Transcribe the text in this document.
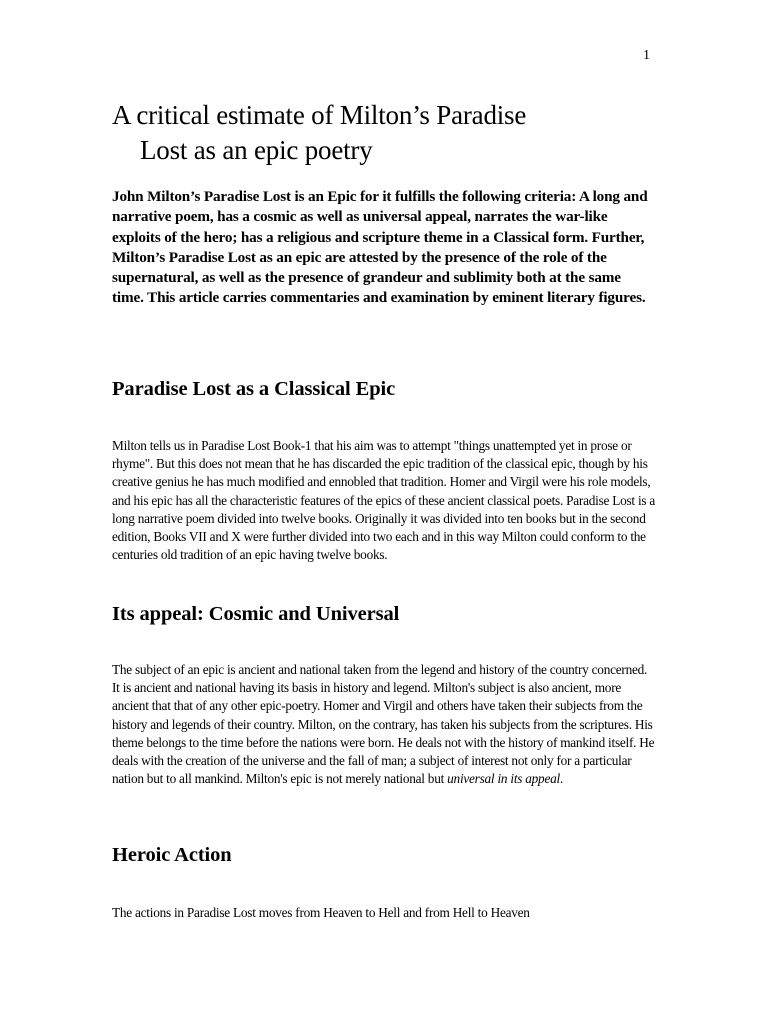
1
A critical estimate of Milton’s Paradise
Lost as an epic poetry

John Milton’s Paradise Lost is an Epic for it fulfills the following criteria: A long and narrative poem, has a cosmic as well as universal appeal, narrates the war-like exploits of the hero; has a religious and scripture theme in a Classical form. Further, Milton’s Paradise Lost as an epic are attested by the presence of the role of the supernatural, as well as the presence of grandeur and sublimity both at the same time. This article carries commentaries and examination by eminent literary figures.

Paradise Lost as a Classical Epic

Milton tells us in Paradise Lost Book-1 that his aim was to attempt "things unattempted yet in prose or rhyme". But this does not mean that he has discarded the epic tradition of the classical epic, though by his creative genius he has much modified and ennobled that tradition. Homer and Virgil were his role models, and his epic has all the characteristic features of the epics of these ancient classical poets. Paradise Lost is a long narrative poem divided into twelve books. Originally it was divided into ten books but in the second edition, Books VII and X were further divided into two each and in this way Milton could conform to the centuries old tradition of an epic having twelve books.

Its appeal: Cosmic and Universal

The subject of an epic is ancient and national taken from the legend and history of the country concerned. It is ancient and national having its basis in history and legend. Milton's subject is also ancient, more ancient that that of any other epic-poetry. Homer and Virgil and others have taken their subjects from the history and legends of their country. Milton, on the contrary, has taken his subjects from the scriptures. His theme belongs to the time before the nations were born. He deals not with the history of mankind itself. He deals with the creation of the universe and the fall of man; a subject of interest not only for a particular nation but to all mankind. Milton's epic is not merely national but universal in its appeal.

Heroic Action

The actions in Paradise Lost moves from Heaven to Hell and from Hell to Heaven
